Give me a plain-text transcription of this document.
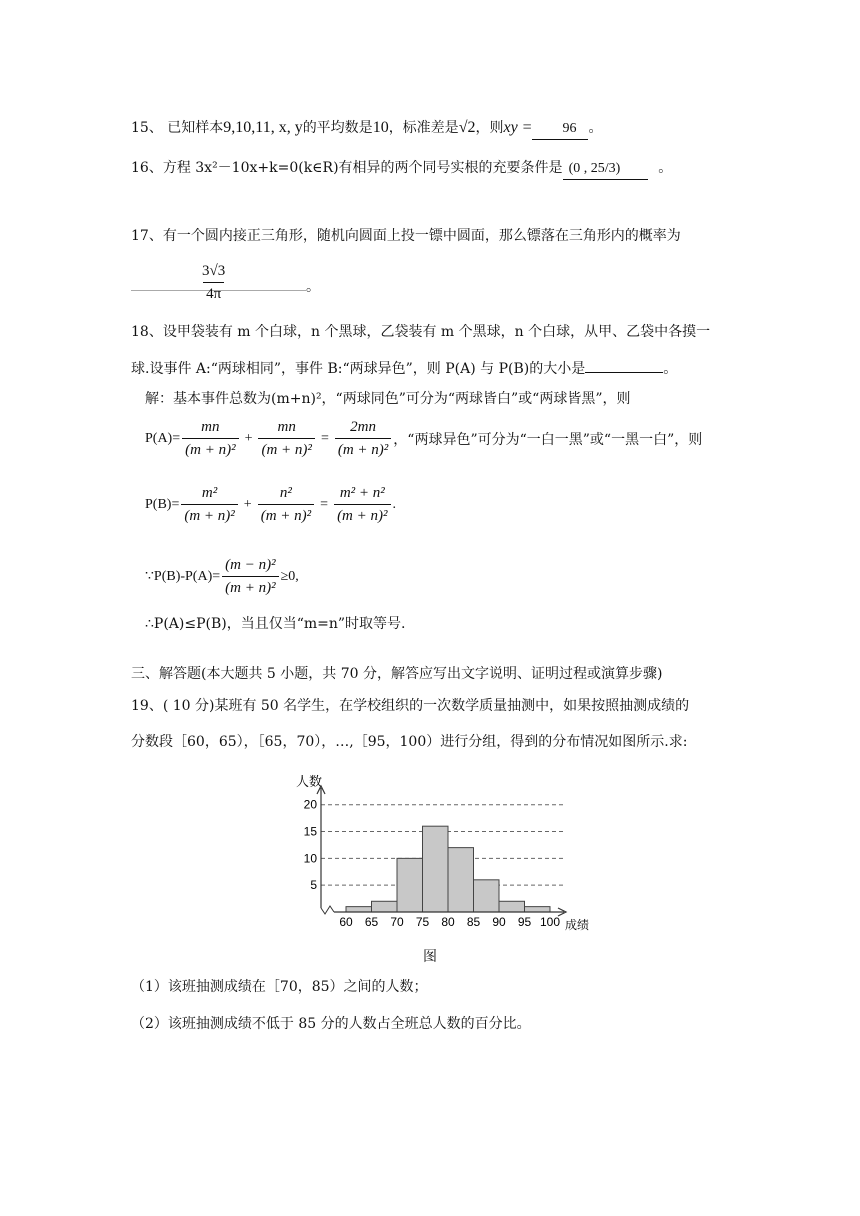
15、 已知样本9,10,11, x, y的平均数是10，标准差是√2，则xy = 96 。
16、方程 3x²－10x+k=0(k∈R)有相异的两个同号实根的充要条件是 (0 , 25/3)	。
17、有一个圆内接正三角形，随机向圆面上投一镖中圆面，那么镖落在三角形内的概率为
$\frac{3√3}{4\pi}$	。
18、设甲袋装有 m 个白球，n 个黑球，乙袋装有 m 个黑球，n 个白球，从甲、乙袋中各摸一
球.设事件 A:“两球相同”，事件 B:“两球异色”，则 P(A) 与 P(B)的大小是	。
解：基本事件总数为(m+n)²，“两球同色”可分为“两球皆白”或“两球皆黑”，则
$P(A)= \frac{mn}{\text{(m + n)²}} + \frac{mn}{\text{(m + n)²}} = \frac{2mn}{\text{(m + n)²}}$ ，“两球异色”可分为“一白一黑”或“一黑一白”，则
$P(B)= \frac{\text{m²}}{\text{(m + n)²}} + \frac{\text{n²}}{\text{(m + n)²}} = \frac{\text{m² + n²}}{\text{(m + n)²}}$ .
∵P(B)-P(A)= $\frac{\text{(m − n)²}}{\text{(m + n)²}} \ge 0$,
∴P(A)≤P(B)，当且仅当“m=n”时取等号.
三、解答题(本大题共 5 小题，共 70 分，解答应写出文字说明、证明过程或演算步骤)
19、( 10 分)某班有 50 名学生，在学校组织的一次数学质量抽测中，如果按照抽测成绩的
分数段［60，65），［65，70），…,［95，100）进行分组，得到的分布情况如图所示.求:
人数
成绩
5
10
15
20
60 65 70 75 80 85 90 95 100
图
（1）该班抽测成绩在［70，85）之间的人数；
（2）该班抽测成绩不低于 85 分的人数占全班总人数的百分比。
